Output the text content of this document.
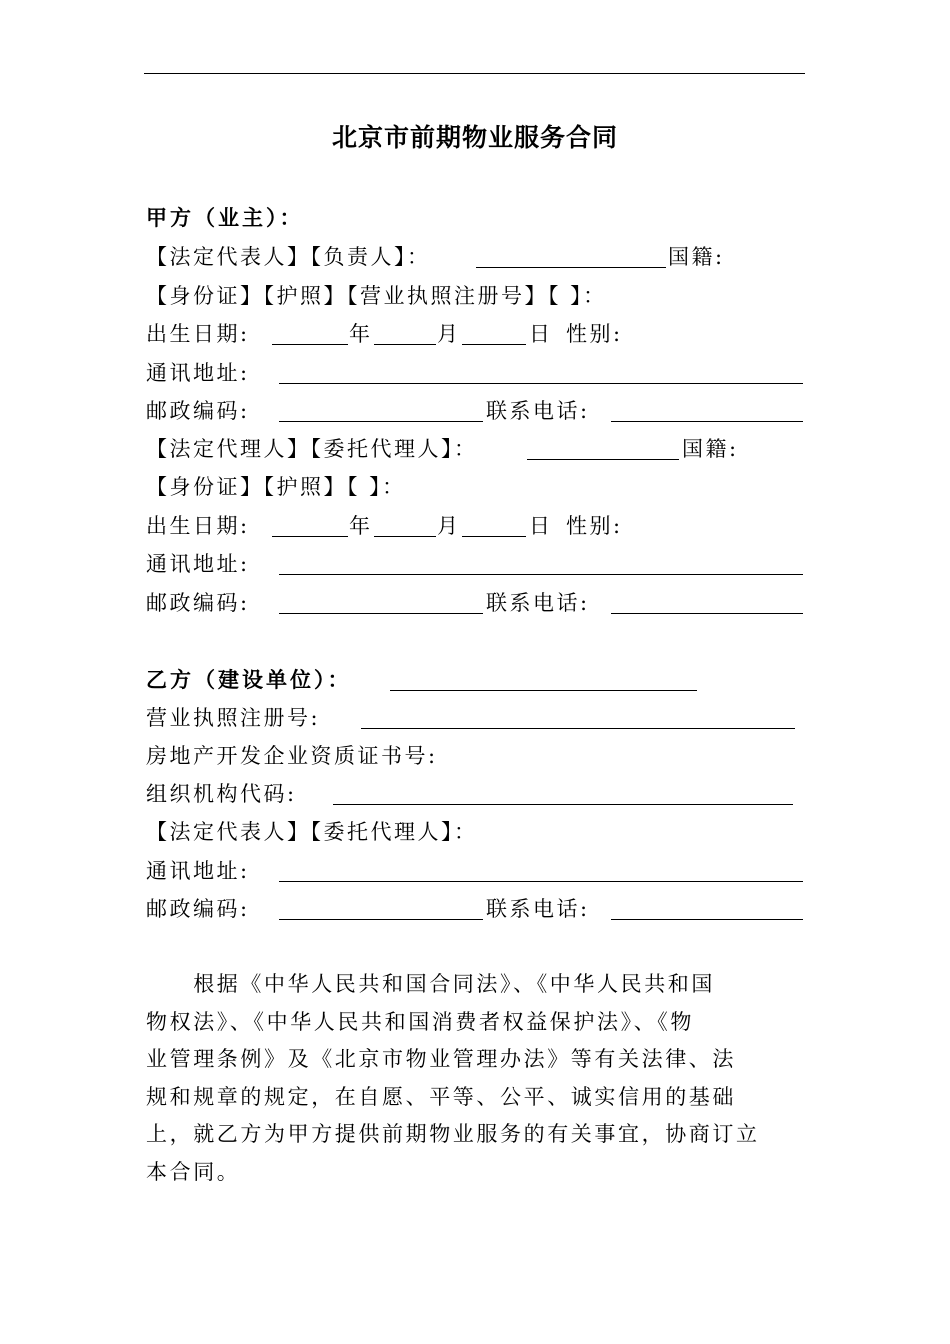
北京市前期物业服务合同
甲方（业主）：
【法定代表人】【负责人】：	国籍:
【身份证】【护照】【营业执照注册号】【 】：
出生日期:	年	月	日 性别:
通讯地址:
邮政编码:	联系电话:
【法定代理人】【委托代理人】：	国籍:
【身份证】【护照】【 】：
出生日期:	年	月	日 性别:
通讯地址:
邮政编码:	联系电话:
乙方（建设单位）：
营业执照注册号:
房地产开发企业资质证书号:
组织机构代码:
【法定代表人】【委托代理人】：
通讯地址:
邮政编码:	联系电话:
　　根据《中华人民共和国合同法》、《中华人民共和国
物权法》、《中华人民共和国消费者权益保护法》、《物
业管理条例》及《北京市物业管理办法》等有关法律、法
规和规章的规定，在自愿、平等、公平、诚实信用的基础
上，就乙方为甲方提供前期物业服务的有关事宜，协商订立
本合同。
